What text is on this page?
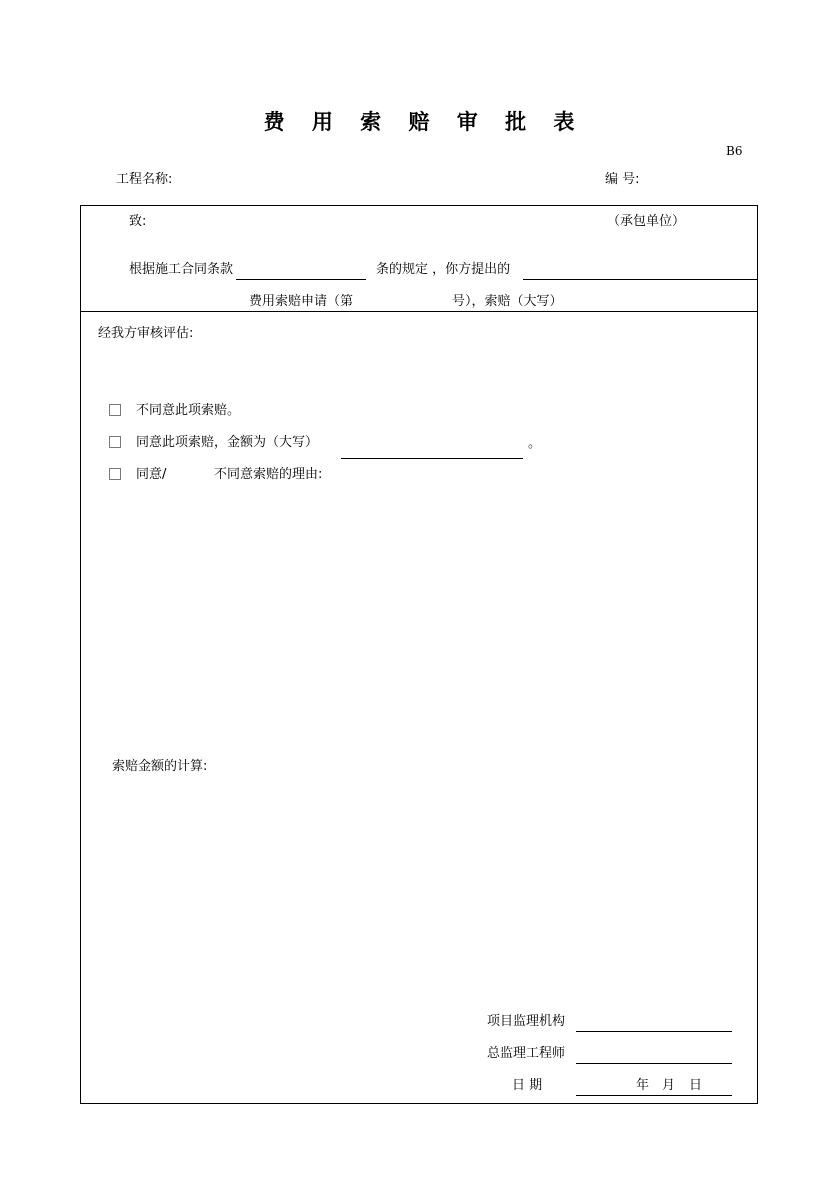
费 用 索 赔 审 批 表
B6
工程名称:	编 号:
致:	（承包单位）
根据施工合同条款	条的规定 ，你方提出的
费用索赔申请（第	号），索赔（大写）
经我方审核评估:
不同意此项索赔。
同意此项索赔，金额为（大写）	。
同意/	不同意索赔的理由:
索赔金额的计算:
项目监理机构
总监理工程师
日 期	年 月 日
